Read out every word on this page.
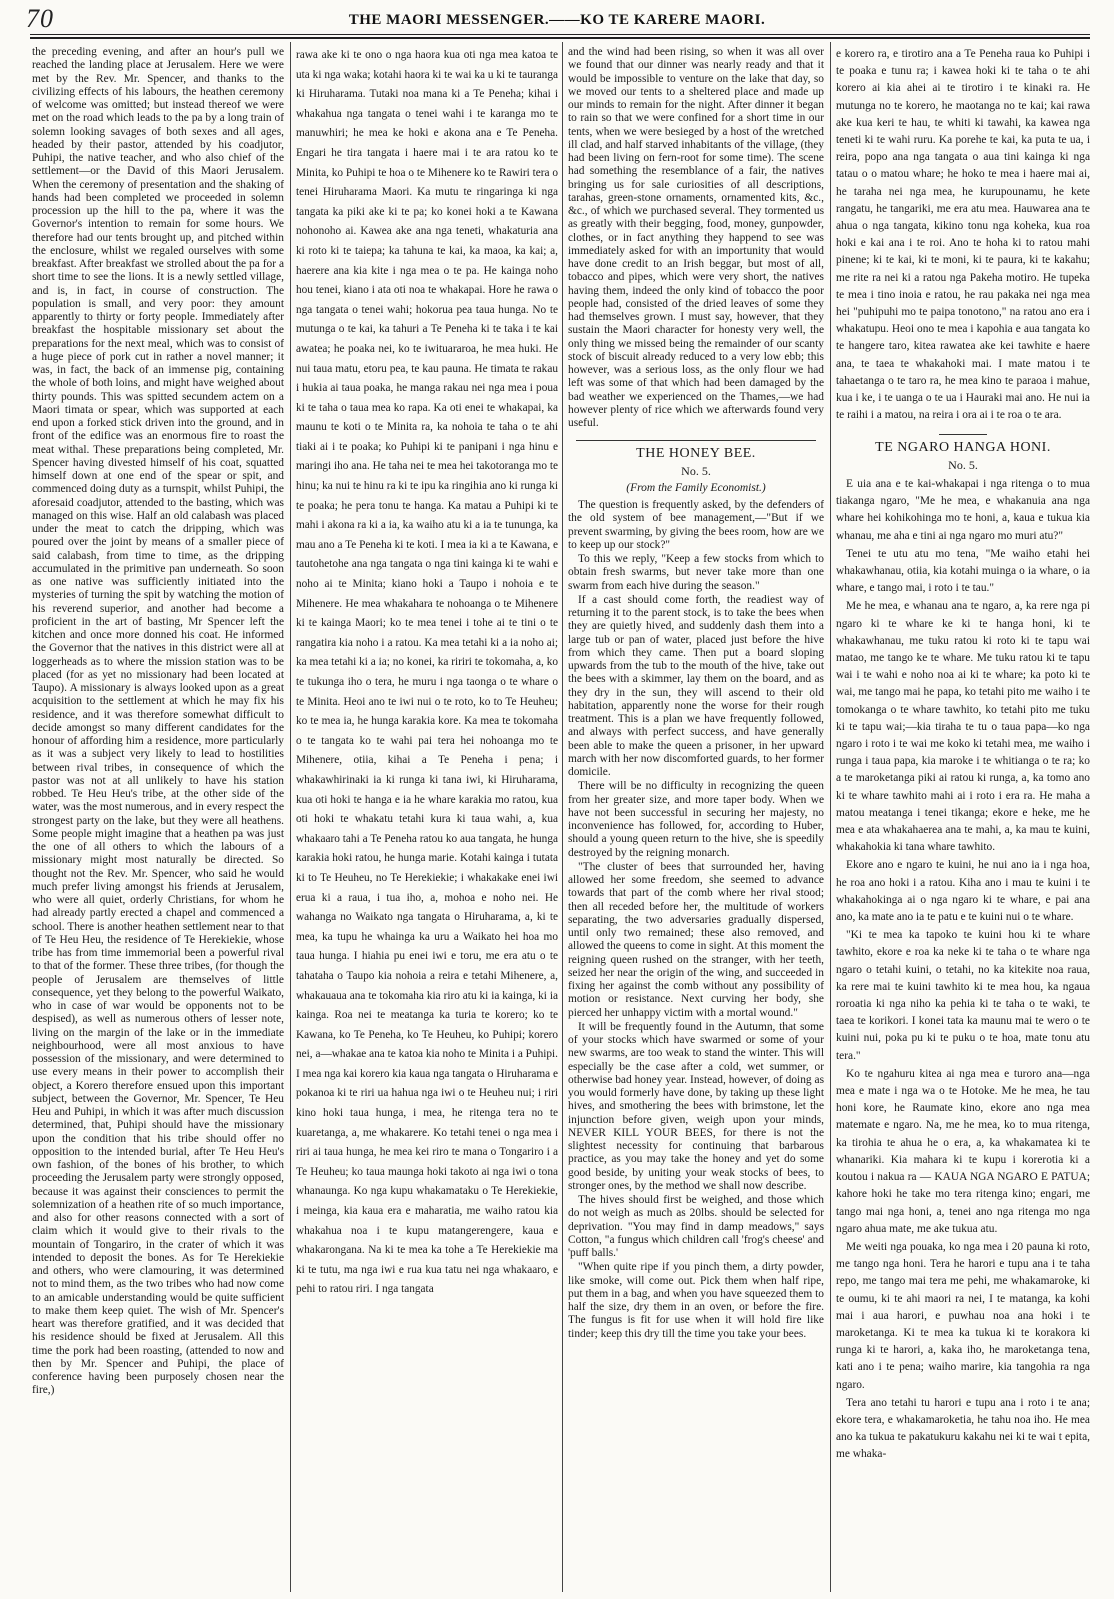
70	THE MAORI MESSENGER.——KO TE KARERE MAORI.

the preceding evening, and after an hour's pull we reached the landing place at Jerusalem. Here we were met by the Rev. Mr. Spencer, and thanks to the civilizing effects of his labours, the heathen ceremony of welcome was omitted; but instead thereof we were met on the road which leads to the pa by a long train of solemn looking savages of both sexes and all ages, headed by their pastor, attended by his coadjutor, Puhipi, the native teacher, and who also chief of the settlement—or the David of this Maori Jerusalem. When the ceremony of presentation and the shaking of hands had been completed we proceeded in solemn procession up the hill to the pa, where it was the Governor's intention to remain for some hours. We therefore had our tents brought up, and pitched within the enclosure, whilst we regaled ourselves with some breakfast. After breakfast we strolled about the pa for a short time to see the lions. It is a newly settled village, and is, in fact, in course of construction. The population is small, and very poor: they amount apparently to thirty or forty people. Immediately after breakfast the hospitable missionary set about the preparations for the next meal, which was to consist of a huge piece of pork cut in rather a novel manner; it was, in fact, the back of an immense pig, containing the whole of both loins, and might have weighed about thirty pounds. This was spitted secundem actem on a Maori timata or spear, which was supported at each end upon a forked stick driven into the ground, and in front of the edifice was an enormous fire to roast the meat withal. These preparations being completed, Mr. Spencer having divested himself of his coat, squatted himself down at one end of the spear or spit, and commenced doing duty as a turnspit, whilst Puhipi, the aforesaid coadjutor, attended to the basting, which was managed on this wise. Half an old calabash was placed under the meat to catch the dripping, which was poured over the joint by means of a smaller piece of said calabash, from time to time, as the dripping accumulated in the primitive pan underneath. So soon as one native was sufficiently initiated into the mysteries of turning the spit by watching the motion of his reverend superior, and another had become a proficient in the art of basting, Mr Spencer left the kitchen and once more donned his coat. He informed the Governor that the natives in this district were all at loggerheads as to where the mission station was to be placed (for as yet no missionary had been located at Taupo). A missionary is always looked upon as a great acquisition to the settlement at which he may fix his residence, and it was therefore somewhat difficult to decide amongst so many different candidates for the honour of affording him a residence, more particularly as it was a subject very likely to lead to hostilities between rival tribes, in consequence of which the pastor was not at all unlikely to have his station robbed. Te Heu Heu's tribe, at the other side of the water, was the most numerous, and in every respect the strongest party on the lake, but they were all heathens. Some people might imagine that a heathen pa was just the one of all others to which the labours of a missionary might most naturally be directed. So thought not the Rev. Mr. Spencer, who said he would much prefer living amongst his friends at Jerusalem, who were all quiet, orderly Christians, for whom he had already partly erected a chapel and commenced a school. There is another heathen settlement near to that of Te Heu Heu, the residence of Te Herekiekie, whose tribe has from time immemorial been a powerful rival to that of the former. These three tribes, (for though the people of Jerusalem are themselves of little consequence, yet they belong to the powerful Waikato, who in case of war would be opponents not to be despised), as well as numerous others of lesser note, living on the margin of the lake or in the immediate neighbourhood, were all most anxious to have possession of the missionary, and were determined to use every means in their power to accomplish their object, a Korero therefore ensued upon this important subject, between the Governor, Mr. Spencer, Te Heu Heu and Puhipi, in which it was after much discussion determined, that, Puhipi should have the missionary upon the condition that his tribe should offer no opposition to the intended burial, after Te Heu Heu's own fashion, of the bones of his brother, to which proceeding the Jerusalem party were strongly opposed, because it was against their consciences to permit the solemnization of a heathen rite of so much importance, and also for other reasons connected with a sort of claim which it would give to their rivals to the mountain of Tongariro, in the crater of which it was intended to deposit the bones. As for Te Herekiekie and others, who were clamouring, it was determined not to mind them, as the two tribes who had now come to an amicable understanding would be quite sufficient to make them keep quiet. The wish of Mr. Spencer's heart was therefore gratified, and it was decided that his residence should be fixed at Jerusalem. All this time the pork had been roasting, (attended to now and then by Mr. Spencer and Puhipi, the place of conference having been purposely chosen near the fire,)

rawa ake ki te ono o nga haora kua oti nga mea katoa te uta ki nga waka; kotahi haora ki te wai ka u ki te tauranga ki Hiruharama. Tutaki noa mana ki a Te Peneha; kihai i whakahua nga tangata o tenei wahi i te karanga mo te manuwhiri; he mea ke hoki e akona ana e Te Peneha. Engari he tira tangata i haere mai i te ara ratou ko te Minita, ko Puhipi te hoa o te Mihenere ko te Rawiri tera o tenei Hiruharama Maori. Ka mutu te ringaringa ki nga tangata ka piki ake ki te pa; ko konei hoki a te Kawana nohonoho ai. Kawea ake ana nga teneti, whakaturia ana ki roto ki te taiepa; ka tahuna te kai, ka maoa, ka kai; a, haerere ana kia kite i nga mea o te pa. He kainga noho hou tenei, kiano i ata oti noa te whakapai. Hore he rawa o nga tangata o tenei wahi; hokorua pea taua hunga. No te mutunga o te kai, ka tahuri a Te Peneha ki te taka i te kai awatea; he poaka nei, ko te iwituararoa, he mea huki. He nui taua matu, etoru pea, te kau pauna. He timata te rakau i hukia ai taua poaka, he manga rakau nei nga mea i poua ki te taha o taua mea ko rapa. Ka oti enei te whakapai, ka maunu te koti o te Minita ra, ka nohoia te taha o te ahi tiaki ai i te poaka; ko Puhipi ki te panipani i nga hinu e maringi iho ana. He taha nei te mea hei takotoranga mo te hinu; ka nui te hinu ra ki te ipu ka ringihia ano ki runga ki te poaka; he pera tonu te hanga. Ka matau a Puhipi ki te mahi i akona ra ki a ia, ka waiho atu ki a ia te tununga, ka mau ano a Te Peneha ki te koti. I mea ia ki a te Kawana, e tautohetohe ana nga tangata o nga tini kainga ki te wahi e noho ai te Minita; kiano hoki a Taupo i nohoia e te Mihenere. He mea whakahara te nohoanga o te Mihenere ki te kainga Maori; ko te mea tenei i tohe ai te tini o te rangatira kia noho i a ratou. Ka mea tetahi ki a ia noho ai; ka mea tetahi ki a ia; no konei, ka ririri te tokomaha, a, ko te tukunga iho o tera, he muru i nga taonga o te whare o te Minita. Heoi ano te iwi nui o te roto, ko to Te Heuheu; ko te mea ia, he hunga karakia kore. Ka mea te tokomaha o te tangata ko te wahi pai tera hei nohoanga mo te Mihenere, otiia, kihai a Te Peneha i pena; i whakawhirinaki ia ki runga ki tana iwi, ki Hiruharama, kua oti hoki te hanga e ia he whare karakia mo ratou, kua oti hoki te whakatu tetahi kura ki taua wahi, a, kua whakaaro tahi a Te Peneha ratou ko aua tangata, he hunga karakia hoki ratou, he hunga marie. Kotahi kainga i tutata ki to Te Heuheu, no Te Herekiekie; i whakakake enei iwi erua ki a raua, i tua iho, a, mohoa e noho nei. He wahanga no Waikato nga tangata o Hiruharama, a, ki te mea, ka tupu he whainga ka uru a Waikato hei hoa mo taua hunga. I hiahia pu enei iwi e toru, me era atu o te tahataha o Taupo kia nohoia a reira e tetahi Mihenere, a, whakauaua ana te tokomaha kia riro atu ki ia kainga, ki ia kainga. Roa nei te meatanga ka turia te korero; ko te Kawana, ko Te Peneha, ko Te Heuheu, ko Puhipi; korero nei, a—whakae ana te katoa kia noho te Minita i a Puhipi. I mea nga kai korero kia kaua nga tangata o Hiruharama e pokanoa ki te riri ua hahua nga iwi o te Heuheu nui; i riri kino hoki taua hunga, i mea, he ritenga tera no te kuaretanga, a, me whakarere. Ko tetahi tenei o nga mea i riri ai taua hunga, he mea kei riro te mana o Tongariro i a Te Heuheu; ko taua maunga hoki takoto ai nga iwi o tona whanaunga. Ko nga kupu whakamataku o Te Herekiekie, i meinga, kia kaua era e maharatia, me waiho ratou kia whakahua noa i te kupu matangerengere, kaua e whakarongana. Na ki te mea ka tohe a Te Herekiekie ma ki te tutu, ma nga iwi e rua kua tatu nei nga whakaaro, e pehi to ratou riri. I nga tangata

and the wind had been rising, so when it was all over we found that our dinner was nearly ready and that it would be impossible to venture on the lake that day, so we moved our tents to a sheltered place and made up our minds to remain for the night. After dinner it began to rain so that we were confined for a short time in our tents, when we were besieged by a host of the wretched ill clad, and half starved inhabitants of the village, (they had been living on fern-root for some time). The scene had something the resemblance of a fair, the natives bringing us for sale curiosities of all descriptions, tarahas, green-stone ornaments, ornamented kits, &c., &c., of which we purchased several. They tormented us as greatly with their begging, food, money, gunpowder, clothes, or in fact anything they happend to see was immediately asked for with an importunity that would have done credit to an Irish beggar, but most of all, tobacco and pipes, which were very short, the natives having them, indeed the only kind of tobacco the poor people had, consisted of the dried leaves of some they had themselves grown. I must say, however, that they sustain the Maori character for honesty very well, the only thing we missed being the remainder of our scanty stock of biscuit already reduced to a very low ebb; this however, was a serious loss, as the only flour we had left was some of that which had been damaged by the bad weather we experienced on the Thames,—we had however plenty of rice which we afterwards found very useful.

THE HONEY BEE.
No. 5.
(From the Family Economist.)

The question is frequently asked, by the defenders of the old system of bee management,—"But if we prevent swarming, by giving the bees room, how are we to keep up our stock?"

To this we reply, "Keep a few stocks from which to obtain fresh swarms, but never take more than one swarm from each hive during the season."

If a cast should come forth, the readiest way of returning it to the parent stock, is to take the bees when they are quietly hived, and suddenly dash them into a large tub or pan of water, placed just before the hive from which they came. Then put a board sloping upwards from the tub to the mouth of the hive, take out the bees with a skimmer, lay them on the board, and as they dry in the sun, they will ascend to their old habitation, apparently none the worse for their rough treatment. This is a plan we have frequently followed, and always with perfect success, and have generally been able to make the queen a prisoner, in her upward march with her now discomforted guards, to her former domicile.

There will be no difficulty in recognizing the queen from her greater size, and more taper body. When we have not been successful in securing her majesty, no inconvenience has followed, for, according to Huber, should a young queen return to the hive, she is speedily destroyed by the reigning monarch.

"The cluster of bees that surrounded her, having allowed her some freedom, she seemed to advance towards that part of the comb where her rival stood; then all receded before her, the multitude of workers separating, the two adversaries gradually dispersed, until only two remained; these also removed, and allowed the queens to come in sight. At this moment the reigning queen rushed on the stranger, with her teeth, seized her near the origin of the wing, and succeeded in fixing her against the comb without any possibility of motion or resistance. Next curving her body, she pierced her unhappy victim with a mortal wound."

It will be frequently found in the Autumn, that some of your stocks which have swarmed or some of your new swarms, are too weak to stand the winter. This will especially be the case after a cold, wet summer, or otherwise bad honey year. Instead, however, of doing as you would formerly have done, by taking up these light hives, and smothering the bees with brimstone, let the injunction before given, weigh upon your minds, NEVER KILL YOUR BEES, for there is not the slightest necessity for continuing that barbarous practice, as you may take the honey and yet do some good beside, by uniting your weak stocks of bees, to stronger ones, by the method we shall now describe.

The hives should first be weighed, and those which do not weigh as much as 20lbs. should be selected for deprivation. "You may find in damp meadows," says Cotton, "a fungus which children call 'frog's cheese' and 'puff balls.'

"When quite ripe if you pinch them, a dirty powder, like smoke, will come out. Pick them when half ripe, put them in a bag, and when you have squeezed them to half the size, dry them in an oven, or before the fire. The fungus is fit for use when it will hold fire like tinder; keep this dry till the time you take your bees.

e korero ra, e tirotiro ana a Te Peneha raua ko Puhipi i te poaka e tunu ra; i kawea hoki ki te taha o te ahi korero ai kia ahei ai te tirotiro i te kinaki ra. He mutunga no te korero, he maotanga no te kai; kai rawa ake kua keri te hau, te whiti ki tawahi, ka kawea nga teneti ki te wahi ruru. Ka porehe te kai, ka puta te ua, i reira, popo ana nga tangata o aua tini kainga ki nga tatau o o matou whare; he hoko te mea i haere mai ai, he taraha nei nga mea, he kurupounamu, he kete rangatu, he tangariki, me era atu mea. Hauwarea ana te ahua o nga tangata, kikino tonu nga koheka, kua roa hoki e kai ana i te roi. Ano te hoha ki to ratou mahi pinene; ki te kai, ki te moni, ki te paura, ki te kakahu; me rite ra nei ki a ratou nga Pakeha motiro. He tupeka te mea i tino inoia e ratou, he rau pakaka nei nga mea hei "puhipuhi mo te paipa tonotono," na ratou ano era i whakatupu. Heoi ono te mea i kapohia e aua tangata ko te hangere taro, kitea rawatea ake kei tawhite e haere ana, te taea te whakahoki mai. I mate matou i te tahaetanga o te taro ra, he mea kino te paraoa i mahue, kua i ke, i te uanga o te ua i Hauraki mai ano. He nui ia te raihi i a matou, na reira i ora ai i te roa o te ara.

TE NGARO HANGA HONI.
No. 5.

E uia ana e te kai-whakapai i nga ritenga o to mua tiakanga ngaro, "Me he mea, e whakanuia ana nga whare hei kohikohinga mo te honi, a, kaua e tukua kia whanau, me aha e tini ai nga ngaro mo muri atu?"

Tenei te utu atu mo tena, "Me waiho etahi hei whakawhanau, otiia, kia kotahi muinga o ia whare, o ia whare, e tango mai, i roto i te tau."

Me he mea, e whanau ana te ngaro, a, ka rere nga pi ngaro ki te whare ke ki te hanga honi, ki te whakawhanau, me tuku ratou ki roto ki te tapu wai matao, me tango ke te whare. Me tuku ratou ki te tapu wai i te wahi e noho noa ai ki te whare; ka poto ki te wai, me tango mai he papa, ko tetahi pito me waiho i te tomokanga o te whare tawhito, ko tetahi pito me tuku ki te tapu wai;—kia tiraha te tu o taua papa—ko nga ngaro i roto i te wai me koko ki tetahi mea, me waiho i runga i taua papa, kia maroke i te whitianga o te ra; ko a te maroketanga piki ai ratou ki runga, a, ka tomo ano ki te whare tawhito mahi ai i roto i era ra. He maha a matou meatanga i tenei tikanga; ekore e heke, me he mea e ata whakahaerea ana te mahi, a, ka mau te kuini, whakahokia ki tana whare tawhito.

Ekore ano e ngaro te kuini, he nui ano ia i nga hoa, he roa ano hoki i a ratou. Kiha ano i mau te kuini i te whakahokinga ai o nga ngaro ki te whare, e pai ana ano, ka mate ano ia te patu e te kuini nui o te whare.

"Ki te mea ka tapoko te kuini hou ki te whare tawhito, ekore e roa ka neke ki te taha o te whare nga ngaro o tetahi kuini, o tetahi, no ka kitekite noa raua, ka rere mai te kuini tawhito ki te mea hou, ka ngaua roroatia ki nga niho ka pehia ki te taha o te waki, te taea te korikori. I konei tata ka maunu mai te wero o te kuini nui, poka pu ki te puku o te hoa, mate tonu atu tera."

Ko te ngahuru kitea ai nga mea e turoro ana—nga mea e mate i nga wa o te Hotoke. Me he mea, he tau honi kore, he Raumate kino, ekore ano nga mea matemate e ngaro. Na, me he mea, ko to mua ritenga, ka tirohia te ahua he o era, a, ka whakamatea ki te whanariki. Kia mahara ki te kupu i korerotia ki a koutou i nakua ra — KAUA NGA NGARO E PATUA; kahore hoki he take mo tera ritenga kino; engari, me tango mai nga honi, a, tenei ano nga ritenga mo nga ngaro ahua mate, me ake tukua atu.

Me weiti nga pouaka, ko nga mea i 20 pauna ki roto, me tango nga honi. Tera he harori e tupu ana i te taha repo, me tango mai tera me pehi, me whakamaroke, ki te oumu, ki te ahi maori ra nei, I te matanga, ka kohi mai i aua harori, e puwhau noa ana hoki i te maroketanga. Ki te mea ka tukua ki te korakora ki runga ki te harori, a, kaka iho, he maroketanga tena, kati ano i te pena; waiho marire, kia tangohia ra nga ngaro.

Tera ano tetahi tu harori e tupu ana i roto i te ana; ekore tera, e whakamaroketia, he tahu noa iho. He mea ano ka tukua te pakatukuru kakahu nei ki te wai t epita, me whaka-
